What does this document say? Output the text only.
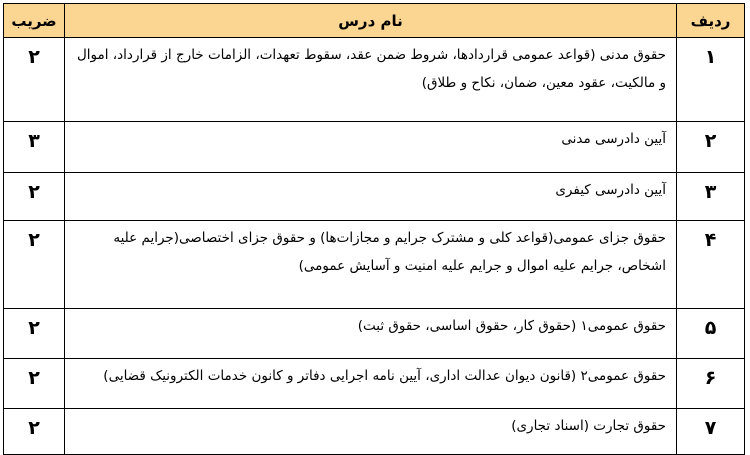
ردیف	نام درس	ضریب
۱	حقوق مدنی (قواعد عمومی قراردادها، شروط ضمن عقد، سقوط تعهدات، الزامات خارج از قرارداد، اموال و مالکیت، عقود معین، ضمان، نکاح و طلاق)	۲
۲	آیین دادرسی مدنی	۳
۳	آیین دادرسی کیفری	۲
۴	حقوق جزای عمومی(قواعد کلی و مشترک جرایم و مجازات‌ها) و حقوق جزای اختصاصی(جرایم علیه اشخاص، جرایم علیه اموال و جرایم علیه امنیت و آسایش عمومی)	۲
۵	حقوق عمومی۱ (حقوق کار، حقوق اساسی، حقوق ثبت)	۲
۶	حقوق عمومی۲ (قانون دیوان عدالت اداری، آیین نامه اجرایی دفاتر و کانون خدمات الکترونیک قضایی)	۲
۷	حقوق تجارت (اسناد تجاری)	۲
